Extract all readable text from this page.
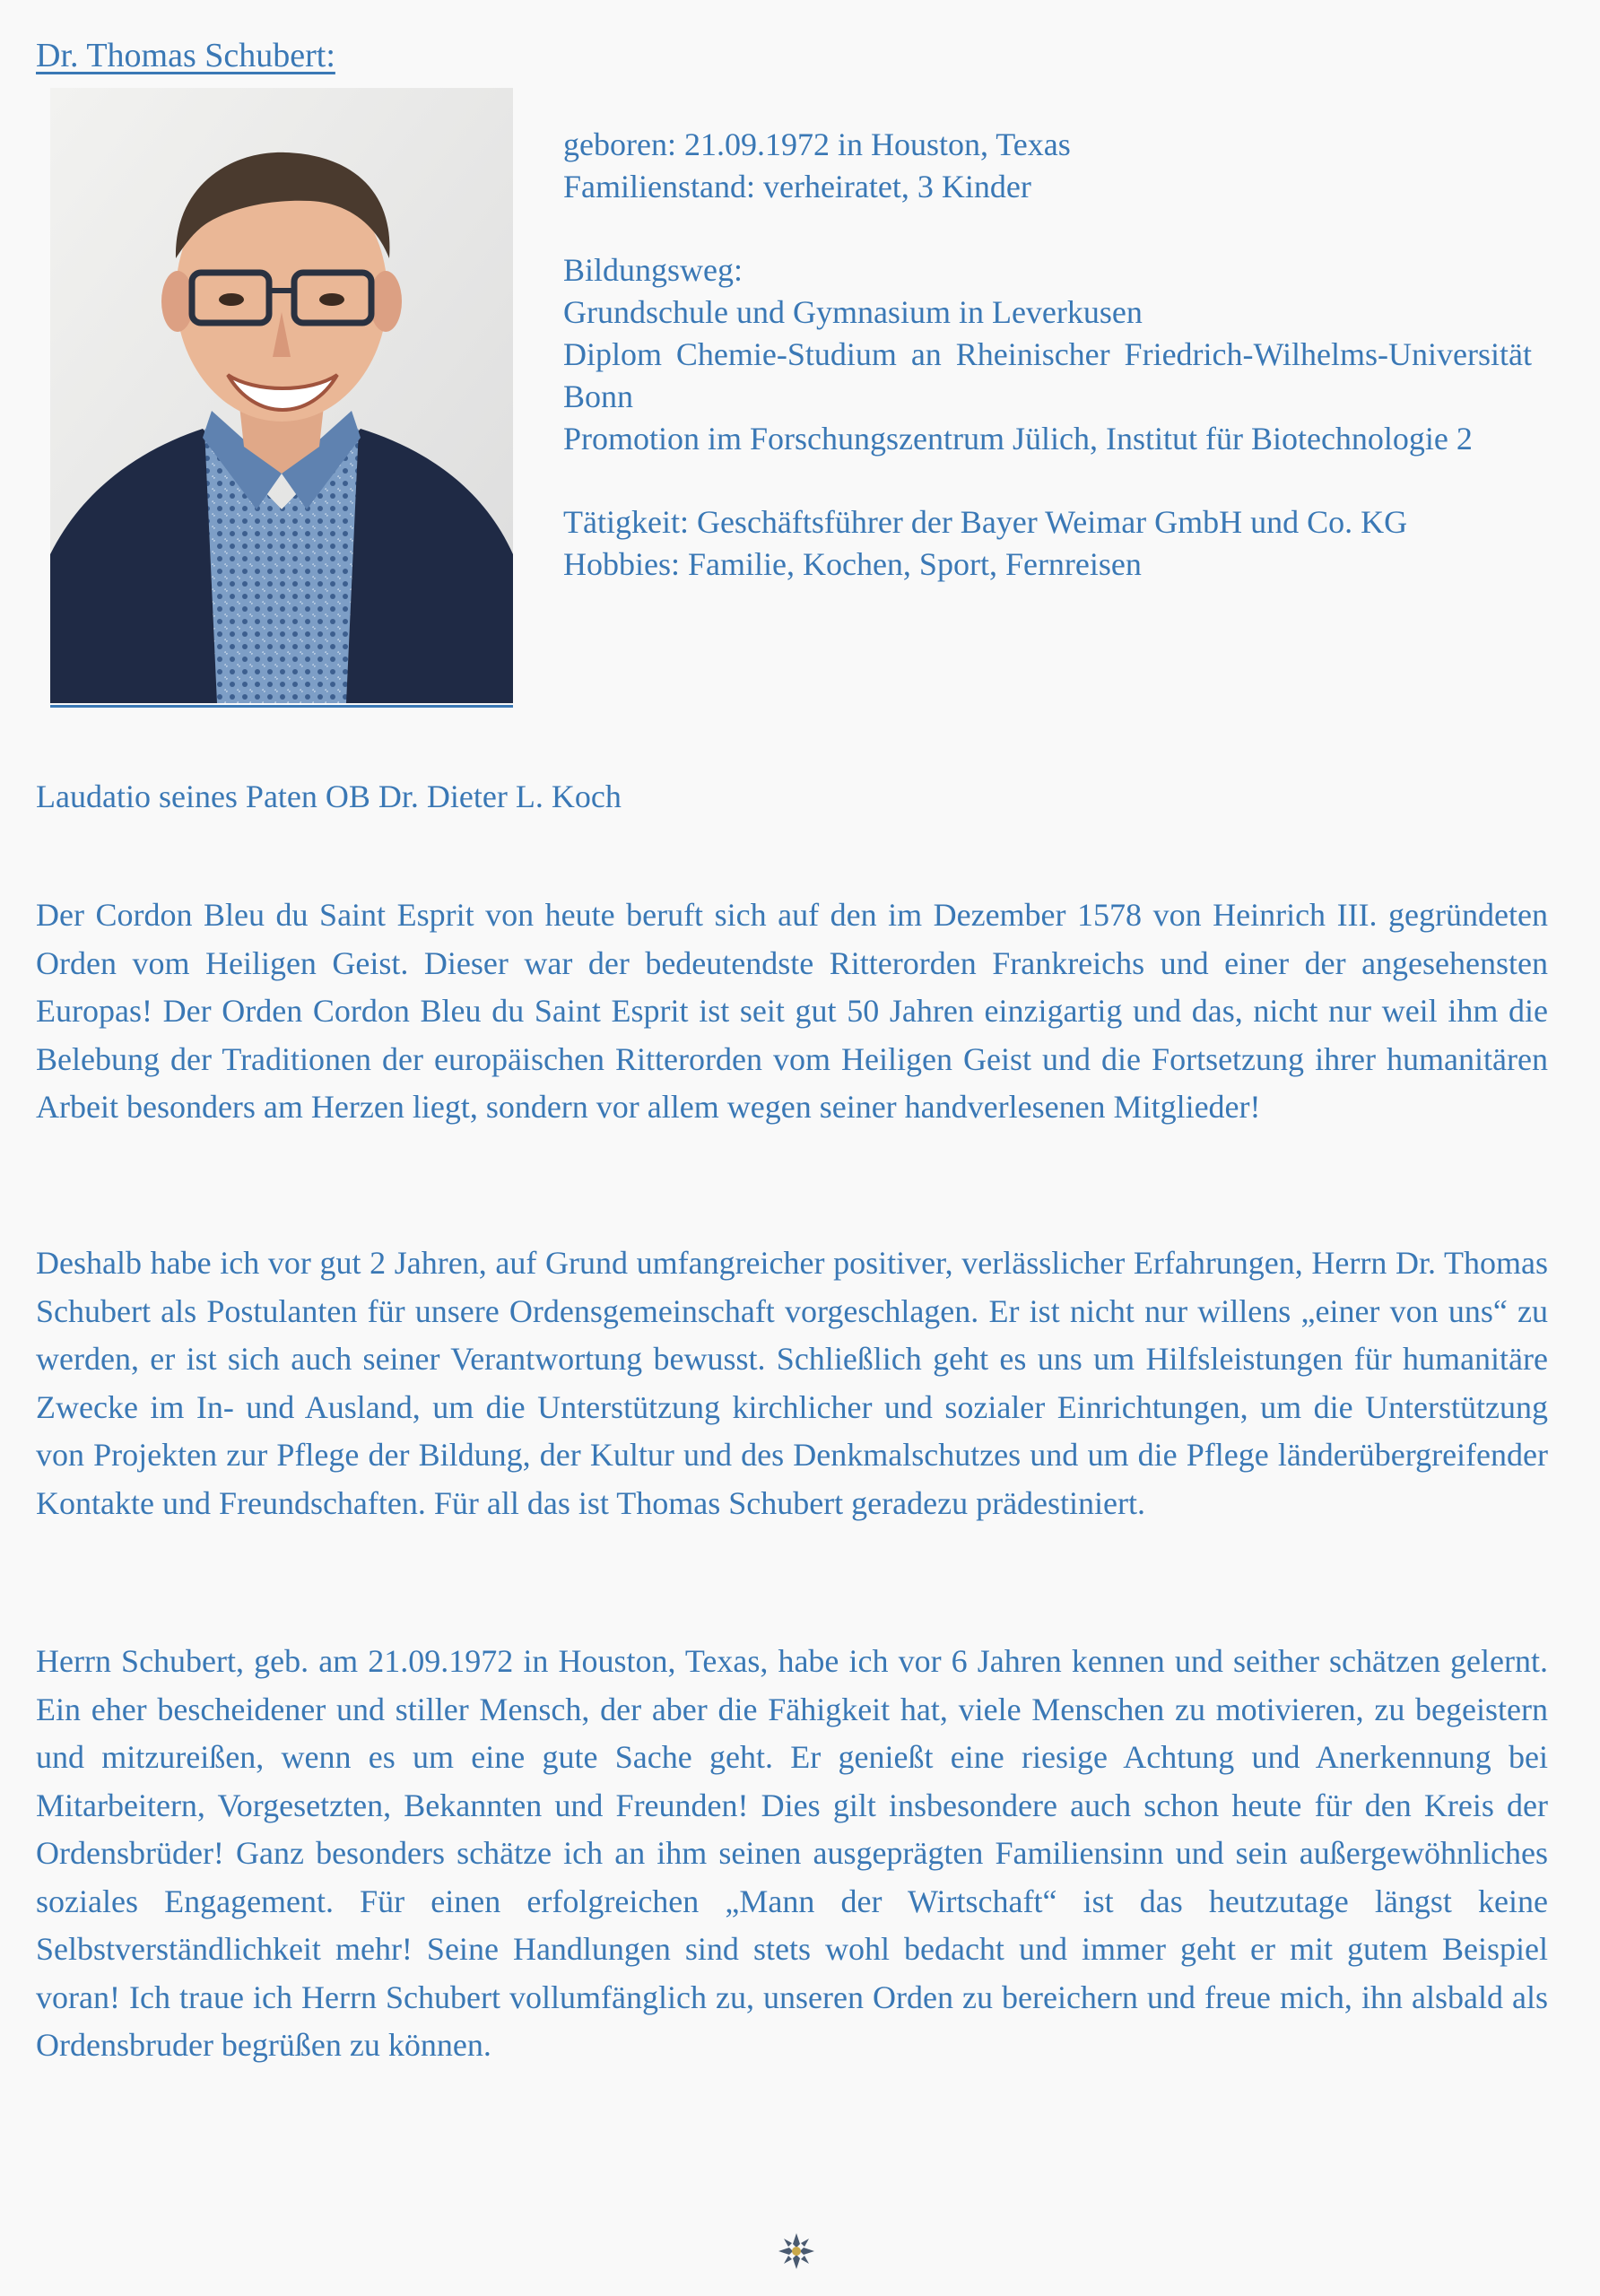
Dr. Thomas Schubert:

geboren: 21.09.1972 in Houston, Texas

Familienstand: verheiratet, 3 Kinder

Bildungsweg:

Grundschule und Gymnasium in Leverkusen

Diplom Chemie-Studium an Rheinischer Friedrich-Wilhelms-Universität Bonn

Promotion im Forschungszentrum Jülich, Institut für Biotechnologie 2

Tätigkeit: Geschäftsführer der Bayer Weimar GmbH und Co. KG

Hobbies: Familie, Kochen, Sport, Fernreisen

Laudatio seines Paten OB Dr. Dieter L. Koch

Der Cordon Bleu du Saint Esprit von heute beruft sich auf den im Dezember 1578 von Heinrich III. gegründeten Orden vom Heiligen Geist. Dieser war der bedeutendste Ritterorden Frankreichs und einer der angesehensten Europas! Der Orden Cordon Bleu du Saint Esprit ist seit gut 50 Jahren einzigartig und das, nicht nur weil ihm die Belebung der Traditionen der europäischen Ritterorden vom Heiligen Geist und die Fortsetzung ihrer humanitären Arbeit besonders am Herzen liegt, sondern vor allem wegen seiner handverlesenen Mitglieder!

Deshalb habe ich vor gut 2 Jahren, auf Grund umfangreicher positiver, verlässlicher Erfahrungen, Herrn Dr. Thomas Schubert als Postulanten für unsere Ordensgemeinschaft vorgeschlagen. Er ist nicht nur willens „einer von uns“ zu werden, er ist sich auch seiner Verantwortung bewusst. Schließlich geht es uns um Hilfsleistungen für humanitäre Zwecke im In- und Ausland, um die Unterstützung kirchlicher und sozialer Einrichtungen, um die Unterstützung von Projekten zur Pflege der Bildung, der Kultur und des Denkmalschutzes und um die Pflege länderübergreifender Kontakte und Freundschaften. Für all das ist Thomas Schubert geradezu prädestiniert.

Herrn Schubert, geb. am 21.09.1972 in Houston, Texas, habe ich vor 6 Jahren kennen und seither schätzen gelernt. Ein eher bescheidener und stiller Mensch, der aber die Fähigkeit hat, viele Menschen zu motivieren, zu begeistern und mitzureißen, wenn es um eine gute Sache geht. Er genießt eine riesige Achtung und Anerkennung bei Mitarbeitern, Vorgesetzten, Bekannten und Freunden! Dies gilt insbesondere auch schon heute für den Kreis der Ordensbrüder! Ganz besonders schätze ich an ihm seinen ausgeprägten Familiensinn und sein außergewöhnliches soziales Engagement. Für einen erfolgreichen „Mann der Wirtschaft“ ist das heutzutage längst keine Selbstverständlichkeit mehr! Seine Handlungen sind stets wohl bedacht und immer geht er mit gutem Beispiel voran! Ich traue ich Herrn Schubert vollumfänglich zu, unseren Orden zu bereichern und freue mich, ihn alsbald als Ordensbruder begrüßen zu können.
